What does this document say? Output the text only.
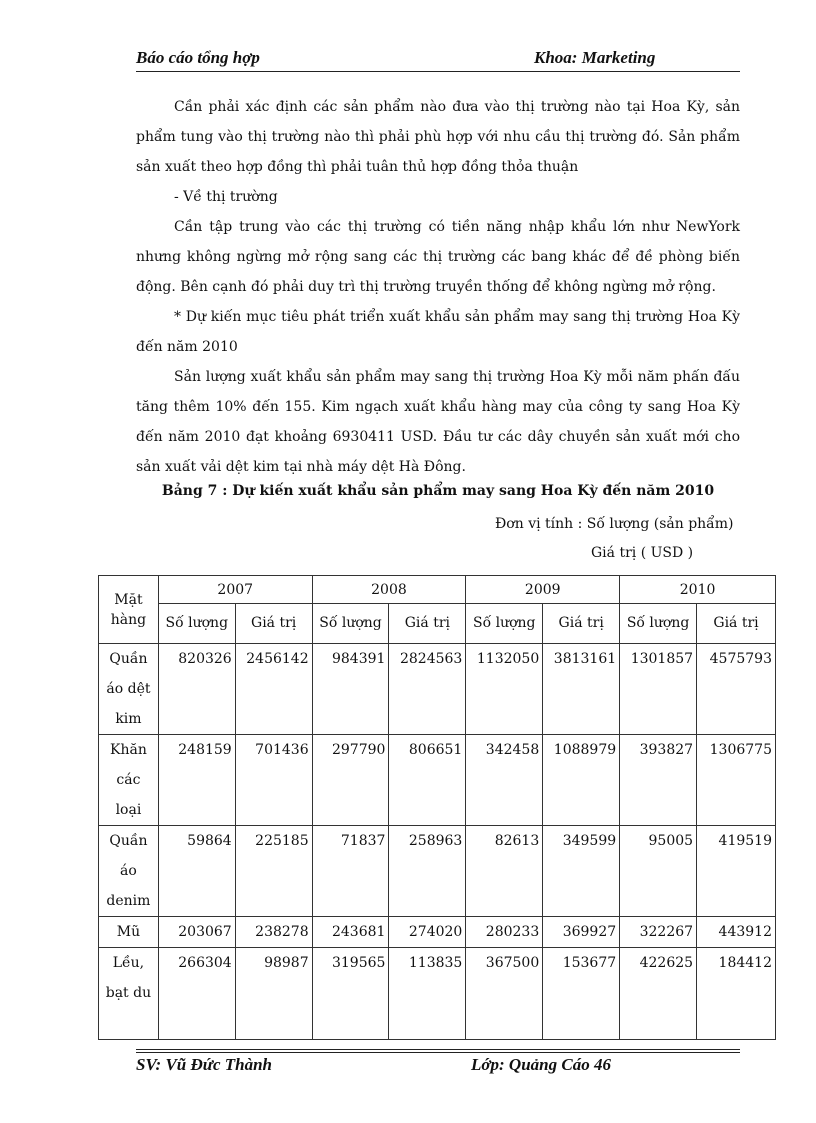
Báo cáo tổng hợp	Khoa: Marketing

Cần phải xác định các sản phẩm nào đưa vào thị trường nào tại Hoa Kỳ, sản phẩm tung vào thị trường nào thì phải phù hợp với nhu cầu thị trường đó. Sản phẩm sản xuất theo hợp đồng thì phải tuân thủ hợp đồng thỏa thuận

- Về thị trường

Cần tập trung vào các thị trường có tiền năng nhập khẩu lớn như NewYork nhưng không ngừng mở rộng sang các thị trường các bang khác để đề phòng biến động. Bên cạnh đó phải duy trì thị trường truyền thống để không ngừng mở rộng.

* Dự kiến mục tiêu phát triển xuất khẩu sản phẩm may sang thị trường Hoa Kỳ đến năm 2010

Sản lượng xuất khẩu sản phẩm may sang thị trường Hoa Kỳ mỗi năm phấn đấu tăng thêm 10% đến 155. Kim ngạch xuất khẩu hàng may của công ty sang Hoa Kỳ đến năm 2010 đạt khoảng 6930411 USD. Đầu tư các dây chuyền sản xuất mới cho sản xuất vải dệt kim tại nhà máy dệt Hà Đông.

Bảng 7 : Dự kiến xuất khẩu sản phẩm may sang Hoa Kỳ đến năm 2010
Đơn vị tính : Số lượng (sản phẩm)
Giá trị ( USD )
Mặt hàng	2007		2008		2009		2010	
	Số lượng	Giá trị	Số lượng	Giá trị	Số lượng	Giá trị	Số lượng	Giá trị
Quần áo dệt kim	820326	2456142	984391	2824563	1132050	3813161	1301857	4575793
Khăn các loại	248159	701436	297790	806651	342458	1088979	393827	1306775
Quần áo denim	59864	225185	71837	258963	82613	349599	95005	419519
Mũ	203067	238278	243681	274020	280233	369927	322267	443912
Lều, bạt du	266304	98987	319565	113835	367500	153677	422625	184412
SV: Vũ Đức Thành	Lớp: Quảng Cáo 46
